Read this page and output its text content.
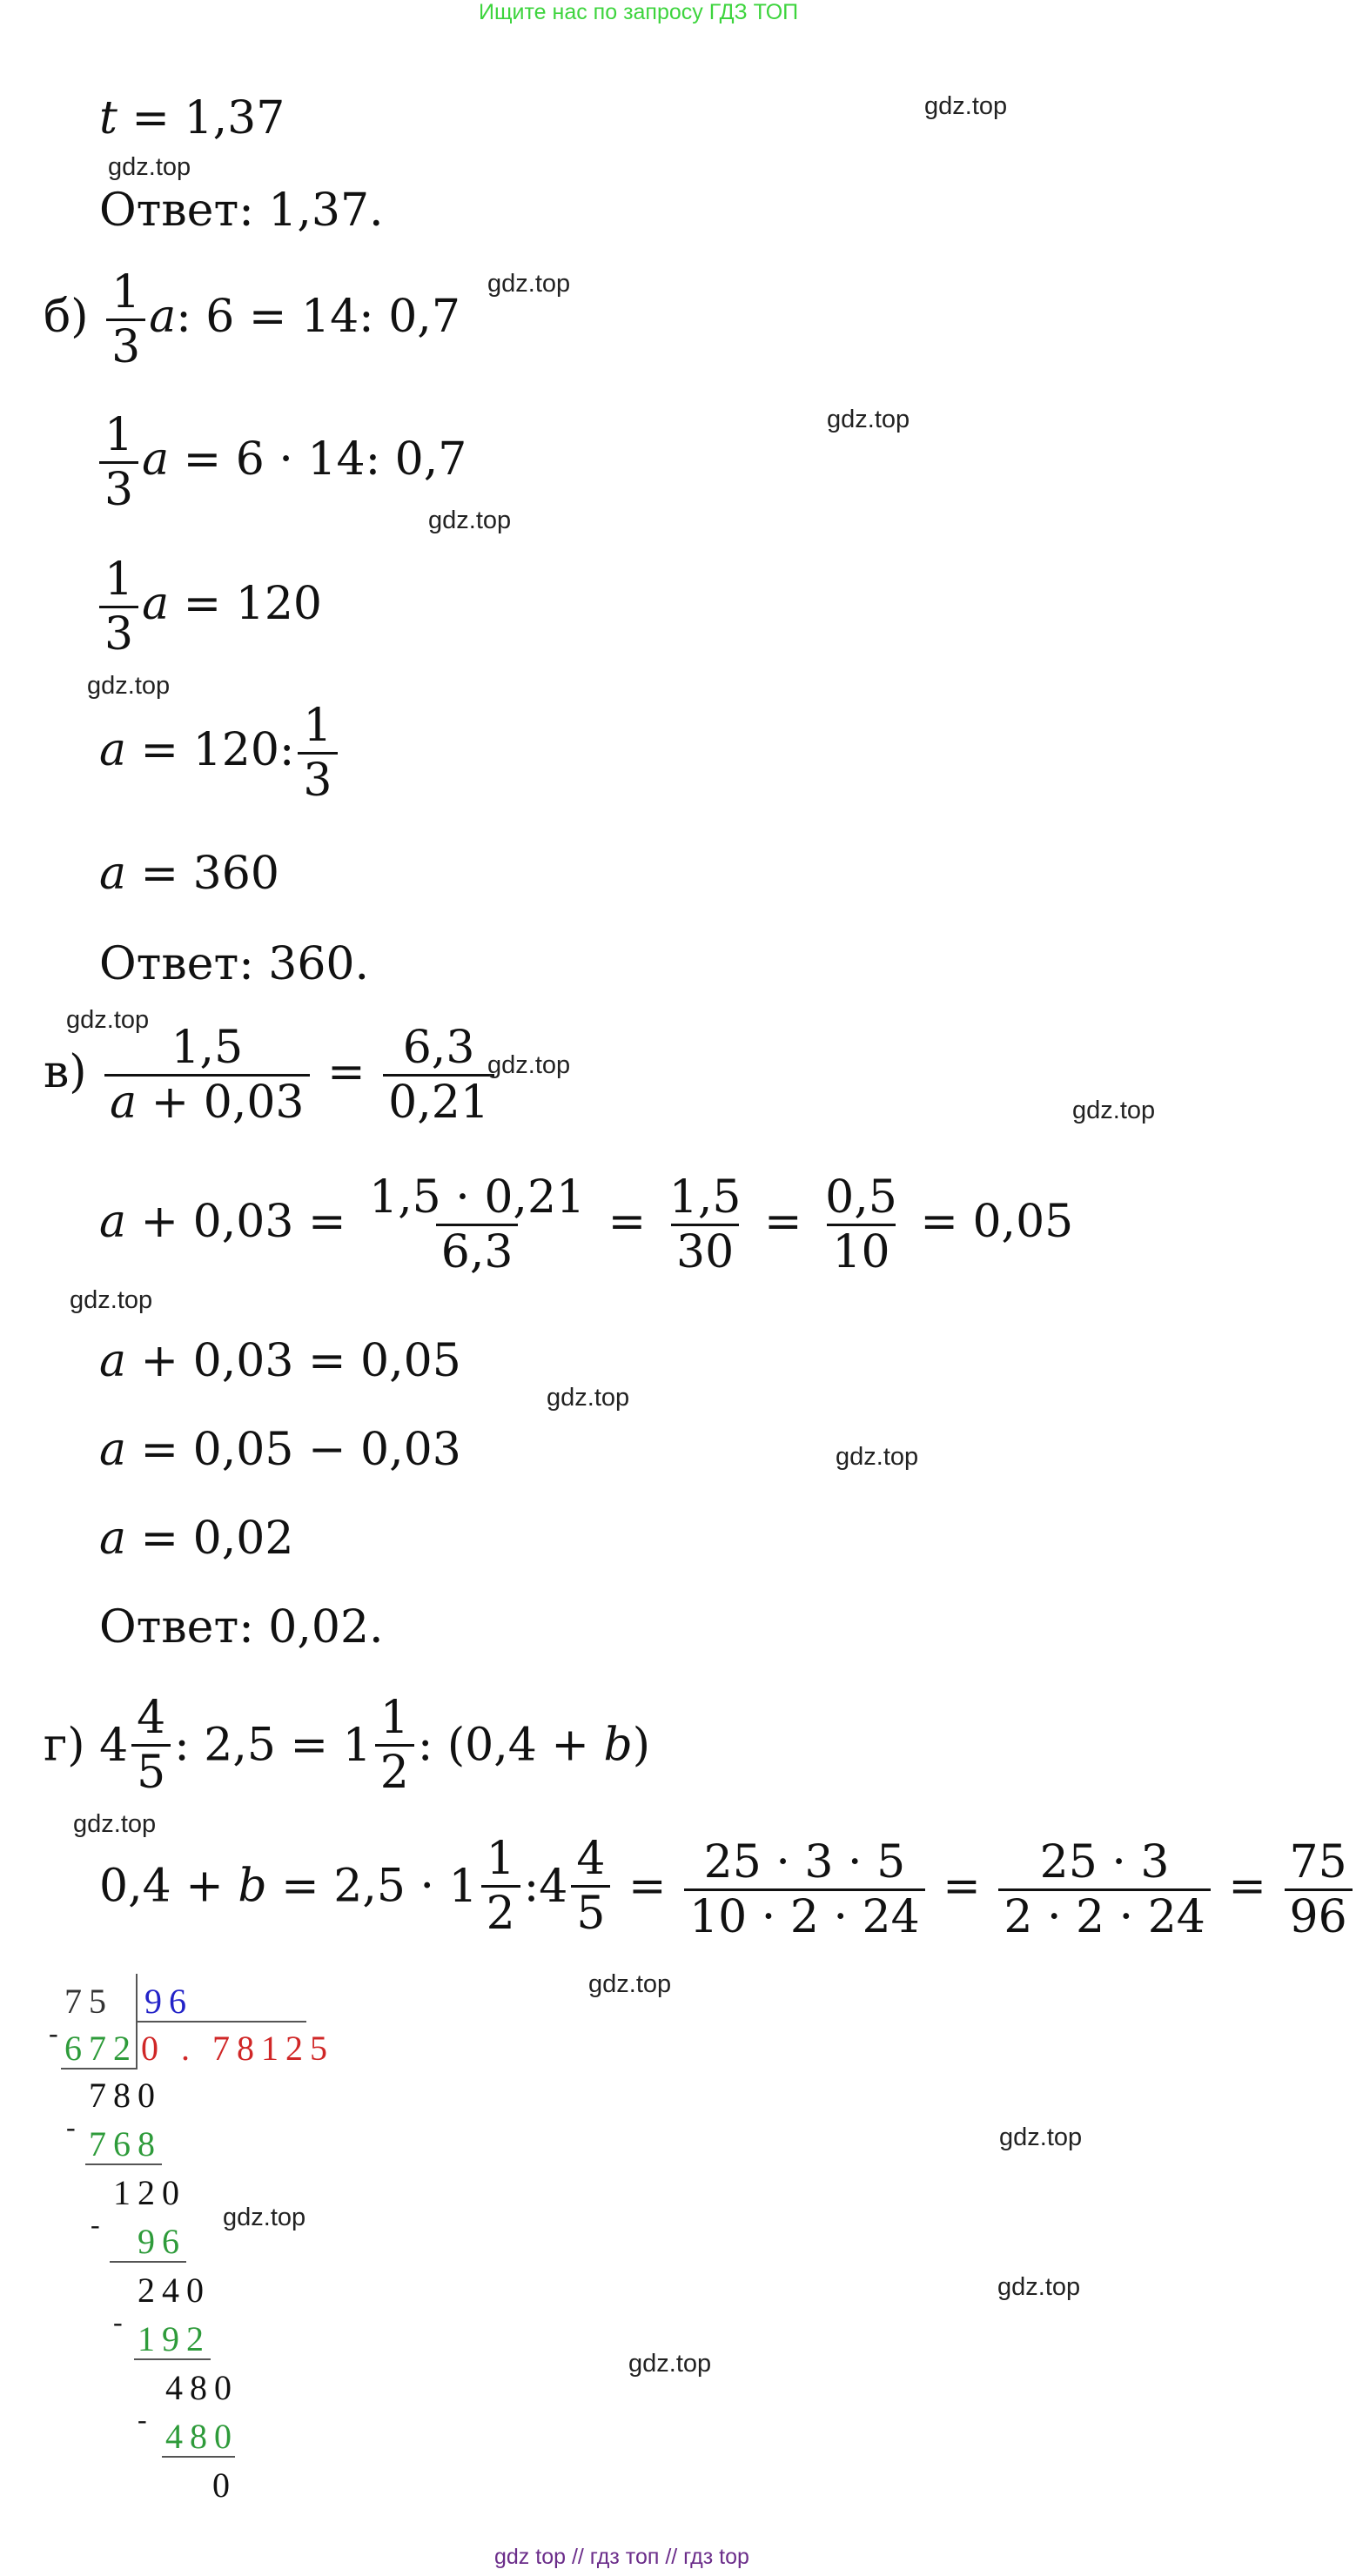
Ищите нас по запросу ГДЗ ТОП
t = 1,37
Ответ: 1,37.
$б) \frac{1}{3} a$: 6 = 14: 0,7
$\frac{1}{3}$ a = 6 · 14: 0,7
$\frac{1}{3}$ a = 120
a = 120: $\frac{1}{3}$
a = 360
Ответ: 360.
$в) \frac{1,5}{a + 0,03} = \frac{6,3}{0,21}$
$a + 0,03 = \frac{1,5 \cdot 0,21}{6,3} = \frac{1,5}{30} = \frac{0,5}{10} = 0,05$
a + 0,03 = 0,05
a = 0,05 − 0,03
a = 0,02
Ответ: 0,02.
г) $4 \frac{4}{5}$ : $2,5 = 1 \frac{1}{2}$ : (0,4 + b)
$0,4 + b = 2,5 \cdot 1 \frac{1}{2}$ : $4 \frac{4}{5} = \frac{25 \cdot 3 \cdot 5}{10 \cdot 2 \cdot 24} = \frac{25 \cdot 3}{2 \cdot 2 \cdot 24} = \frac{75}{96}$
75 96
0 . 78125
- 672
780
- 768
120
- 96
240
- 192
480
- 480
0
gdz.top
gdz.top
gdz.top
gdz.top
gdz.top
gdz.top
gdz.top
gdz.top
gdz.top
gdz.top
gdz.top
gdz.top
gdz.top
gdz.top
gdz.top
gdz.top
gdz.top
gdz.top
gdz top // гдз топ // гдз top
